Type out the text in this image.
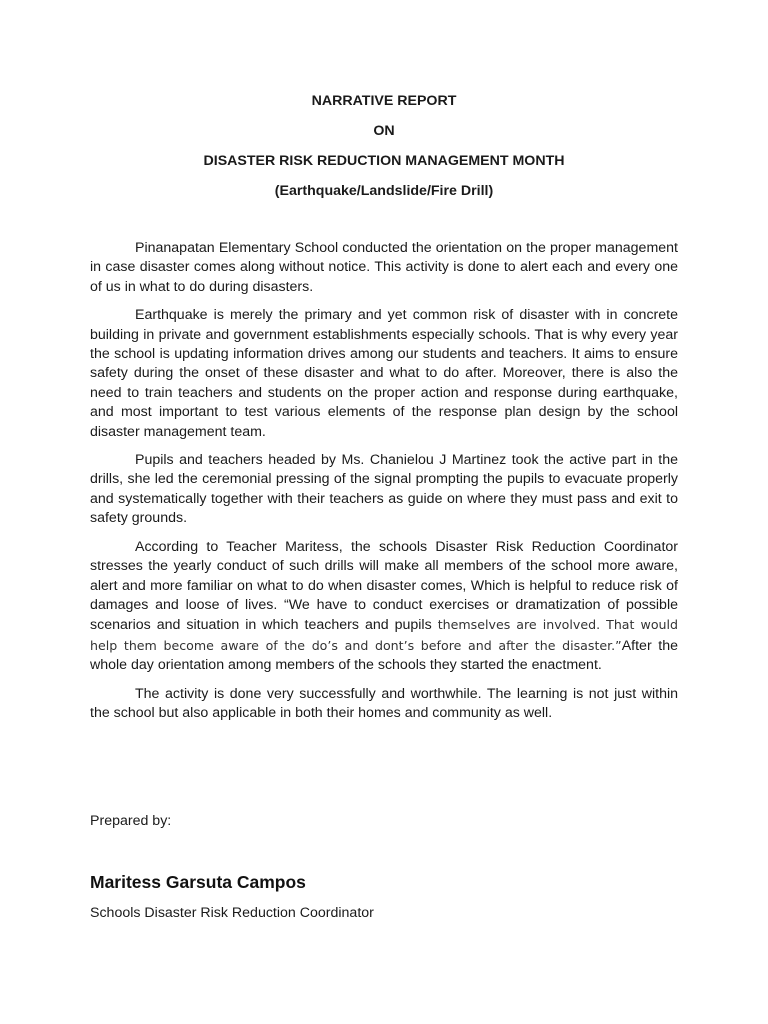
NARRATIVE REPORT
ON
DISASTER RISK REDUCTION MANAGEMENT MONTH
(Earthquake/Landslide/Fire Drill)

Pinanapatan Elementary School conducted the orientation on the proper management in case disaster comes along without notice. This activity is done to alert each and every one of us in what to do during disasters.

Earthquake is merely the primary and yet common risk of disaster with in concrete building in private and government establishments especially schools. That is why every year the school is updating information drives among our students and teachers. It aims to ensure safety during the onset of these disaster and what to do after. Moreover, there is also the need to train teachers and students on the proper action and response during earthquake, and most important to test various elements of the response plan design by the school disaster management team.

Pupils and teachers headed by Ms. Chanielou J Martinez took the active part in the drills, she led the ceremonial pressing of the signal prompting the pupils to evacuate properly and systematically together with their teachers as guide on where they must pass and exit to safety grounds.

According to Teacher Maritess, the schools Disaster Risk Reduction Coordinator stresses the yearly conduct of such drills will make all members of the school more aware, alert and more familiar on what to do when disaster comes, Which is helpful to reduce risk of damages and loose of lives. “We have to conduct exercises or dramatization of possible scenarios and situation in which teachers and pupils themselves are involved. That would help them become aware of the do’s and dont’s before and after the disaster.”After the whole day orientation among members of the schools they started the enactment.

The activity is done very successfully and worthwhile. The learning is not just within the school but also applicable in both their homes and community as well.

Prepared by:
Maritess Garsuta Campos
Schools Disaster Risk Reduction Coordinator
